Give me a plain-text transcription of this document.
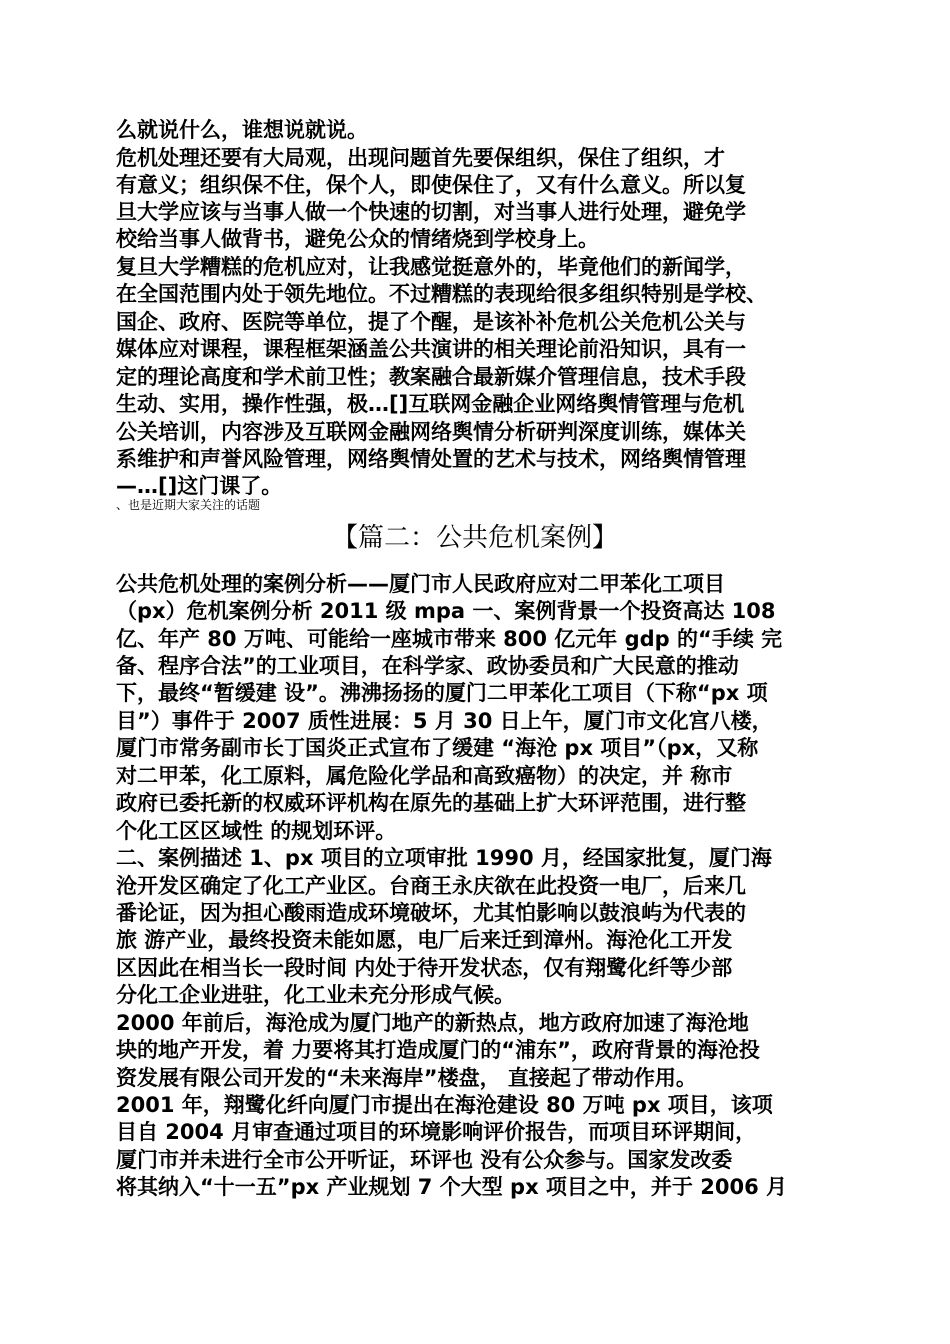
么就说什么，谁想说就说。
危机处理还要有大局观，出现问题首先要保组织，保住了组织，才
有意义；组织保不住，保个人，即使保住了，又有什么意义。所以复
旦大学应该与当事人做一个快速的切割，对当事人进行处理，避免学
校给当事人做背书，避免公众的情绪烧到学校身上。
复旦大学糟糕的危机应对，让我感觉挺意外的，毕竟他们的新闻学，
在全国范围内处于领先地位。不过糟糕的表现给很多组织特别是学校、
国企、政府、医院等单位，提了个醒，是该补补危机公关危机公关与
媒体应对课程，课程框架涵盖公共演讲的相关理论前沿知识，具有一
定的理论高度和学术前卫性；教案融合最新媒介管理信息，技术手段
生动、实用，操作性强，极…[]互联网金融企业网络舆情管理与危机
公关培训，内容涉及互联网金融网络舆情分析研判深度训练，媒体关
系维护和声誉风险管理，网络舆情处置的艺术与技术，网络舆情管理
—…[]这门课了。
、也是近期大家关注的话题
【篇二：公共危机案例】
公共危机处理的案例分析——厦门市人民政府应对二甲苯化工项目
（px）危机案例分析 2011 级 mpa 一、案例背景一个投资高达 108
亿、年产 80 万吨、可能给一座城市带来 800 亿元年 gdp 的“手续 完
备、程序合法”的工业项目，在科学家、政协委员和广大民意的推动
下，最终“暂缓建 设”。沸沸扬扬的厦门二甲苯化工项目（下称“px 项
目”）事件于 2007 质性进展：5 月 30 日上午，厦门市文化宫八楼，
厦门市常务副市长丁国炎正式宣布了缓建 “海沧 px 项目”（px，又称
对二甲苯，化工原料，属危险化学品和高致癌物）的决定，并 称市
政府已委托新的权威环评机构在原先的基础上扩大环评范围，进行整
个化工区区域性 的规划环评。
二、案例描述 1、px 项目的立项审批 1990 月，经国家批复，厦门海
沧开发区确定了化工产业区。台商王永庆欲在此投资一电厂，后来几
番论证，因为担心酸雨造成环境破坏，尤其怕影响以鼓浪屿为代表的
旅 游产业，最终投资未能如愿，电厂后来迁到漳州。海沧化工开发
区因此在相当长一段时间 内处于待开发状态，仅有翔鹭化纤等少部
分化工企业进驻，化工业未充分形成气候。
2000 年前后，海沧成为厦门地产的新热点，地方政府加速了海沧地
块的地产开发，着 力要将其打造成厦门的“浦东”，政府背景的海沧投
资发展有限公司开发的“未来海岸”楼盘， 直接起了带动作用。
2001 年，翔鹭化纤向厦门市提出在海沧建设 80 万吨 px 项目，该项
目自 2004 月审查通过项目的环境影响评价报告，而项目环评期间，
厦门市并未进行全市公开听证，环评也 没有公众参与。国家发改委
将其纳入“十一五”px 产业规划 7 个大型 px 项目之中，并于 2006 月
